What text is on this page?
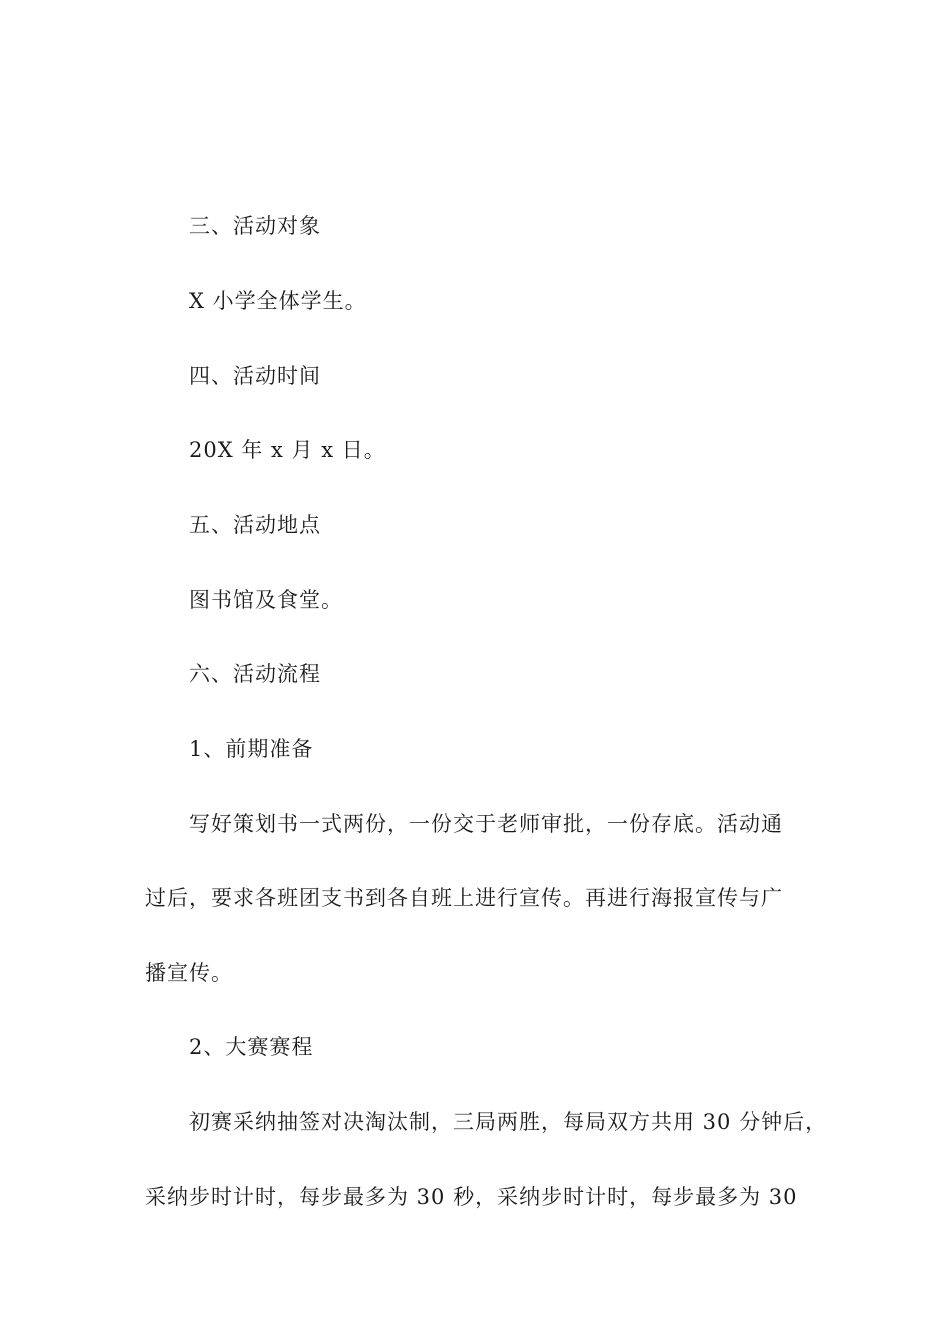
三、活动对象
X 小学全体学生。
四、活动时间
20X 年 x 月 x 日。
五、活动地点
图书馆及食堂。
六、活动流程
1、前期准备
写好策划书一式两份，一份交于老师审批，一份存底。活动通
过后，要求各班团支书到各自班上进行宣传。再进行海报宣传与广
播宣传。
2、大赛赛程
初赛采纳抽签对决淘汰制，三局两胜，每局双方共用 30 分钟后，
采纳步时计时，每步最多为 30 秒，采纳步时计时，每步最多为 30
